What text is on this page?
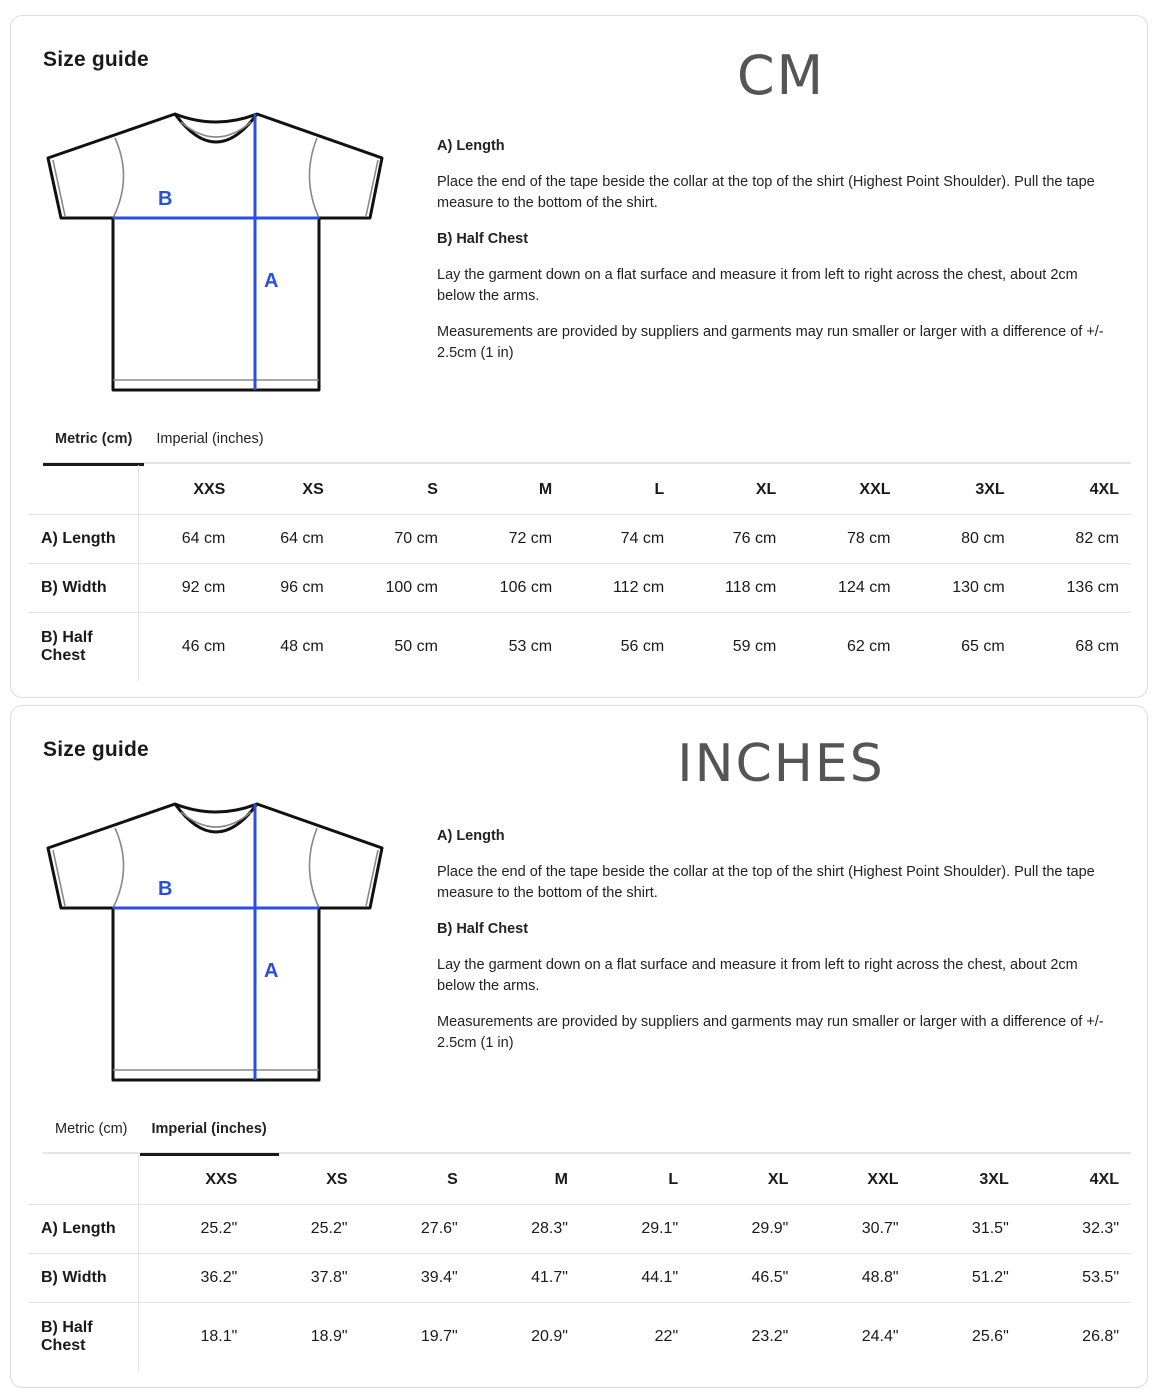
Size guide	CM
B
A
A) Length
Place the end of the tape beside the collar at the top of the shirt (Highest Point Shoulder). Pull the tape measure to the bottom of the shirt.
B) Half Chest
Lay the garment down on a flat surface and measure it from left to right across the chest, about 2cm below the arms.
Measurements are provided by suppliers and garments may run smaller or larger with a difference of +/- 2.5cm (1 in)
Metric (cm)	Imperial (inches)
	XXS	XS	S	M	L	XL	XXL	3XL	4XL
A) Length	64 cm	64 cm	70 cm	72 cm	74 cm	76 cm	78 cm	80 cm	82 cm
B) Width	92 cm	96 cm	100 cm	106 cm	112 cm	118 cm	124 cm	130 cm	136 cm
B) Half
Chest	46 cm	48 cm	50 cm	53 cm	56 cm	59 cm	62 cm	65 cm	68 cm
Size guide	INCHES
B
A
A) Length
Place the end of the tape beside the collar at the top of the shirt (Highest Point Shoulder). Pull the tape measure to the bottom of the shirt.
B) Half Chest
Lay the garment down on a flat surface and measure it from left to right across the chest, about 2cm below the arms.
Measurements are provided by suppliers and garments may run smaller or larger with a difference of +/- 2.5cm (1 in)
Metric (cm)	Imperial (inches)
	XXS	XS	S	M	L	XL	XXL	3XL	4XL
A) Length	25.2"	25.2"	27.6"	28.3"	29.1"	29.9"	30.7"	31.5"	32.3"
B) Width	36.2"	37.8"	39.4"	41.7"	44.1"	46.5"	48.8"	51.2"	53.5"
B) Half
Chest	18.1"	18.9"	19.7"	20.9"	22"	23.2"	24.4"	25.6"	26.8"
